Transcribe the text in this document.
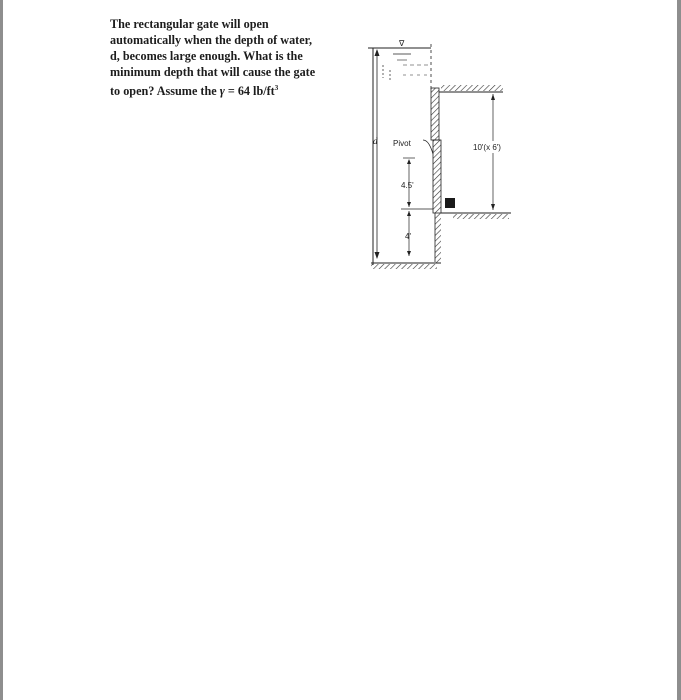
The rectangular gate will open

automatically when the depth of water,

d, becomes large enough. What is the

minimum depth that will cause the gate

to open? Assume the γ = 64 $lb/ft^3$

∇
d Pivot
4.5'
4'
10'(x 6')
